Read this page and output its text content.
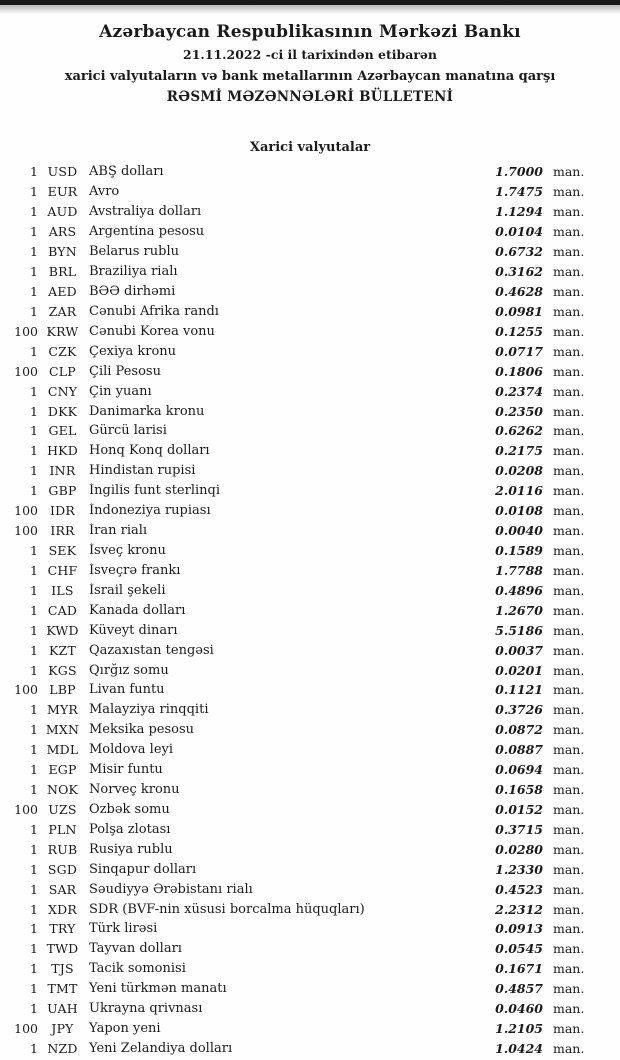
Azərbaycan Respublikasının Mərkəzi Bankı
21.11.2022 -ci il tarixindən etibarən
xarici valyutaların və bank metallarının Azərbaycan manatına qarşı
RƏSMİ MƏZƏNNƏLƏRİ BÜLLETENİ
Xarici valyutalar
1 USD ABŞ dolları	1.7000 man.
1 EUR Avro	1.7475 man.
1 AUD Avstraliya dolları	1.1294 man.
1 ARS Argentina pesosu	0.0104 man.
1 BYN Belarus rublu	0.6732 man.
1 BRL Braziliya rialı	0.3162 man.
1 AED BƏƏ dirhəmi	0.4628 man.
1 ZAR Cənubi Afrika randı	0.0981 man.
100 KRW Cənubi Korea vonu	0.1255 man.
1 CZK Çexiya kronu	0.0717 man.
100 CLP	Çili Pesosu	0.1806 man.
1 CNY Çin yuanı	0.2374 man.
1 DKK Danimarka kronu	0.2350 man.
1 GEL Gürcü larisi	0.6262 man.
1 HKD Honq Konq dolları	0.2175 man.
1 INR	Hindistan rupisi	0.0208 man.
1 GBP İngilis funt sterlinqi	2.0116 man.
100 IDR	İndoneziya rupiası	0.0108 man.
100 IRR	İran rialı	0.0040 man.
1 SEK İsveç kronu	0.1589 man.
1 CHF İsveçrə frankı	1.7788 man.
1	ILS	İsrail şekeli	0.4896 man.
1 CAD Kanada dolları	1.2670 man.
1 KWD Küveyt dinarı	5.5186 man.
1 KZT	Qazaxıstan tengəsi	0.0037 man.
1 KGS Qırğız somu	0.0201 man.
100 LBP	Livan funtu	0.1121 man.
1 MYR Malayziya rinqqiti	0.3726 man.
1 MXN Meksika pesosu	0.0872 man.
1 MDL Moldova leyi	0.0887 man.
1 EGP Misir funtu	0.0694 man.
1 NOK Norveç kronu	0.1658 man.
100 UZS Özbək somu	0.0152 man.
1 PLN Polşa zlotası	0.3715 man.
1 RUB Rusiya rublu	0.0280 man.
1 SGD Sinqapur dolları	1.2330 man.
1 SAR Səudiyyə Ərəbistanı rialı	0.4523 man.
1 XDR SDR (BVF-nin xüsusi borcalma hüquqları)	2.2312 man.
1 TRY	Türk lirəsi	0.0913 man.
1 TWD Tayvan dolları	0.0545 man.
1	TJS	Tacik somonisi	0.1671 man.
1 TMT Yeni türkmən manatı	0.4857 man.
1 UAH Ukrayna qrivnası	0.0460 man.
100	JPY	Yapon yeni	1.2105 man.
1 NZD Yeni Zelandiya dolları	1.0424 man.
